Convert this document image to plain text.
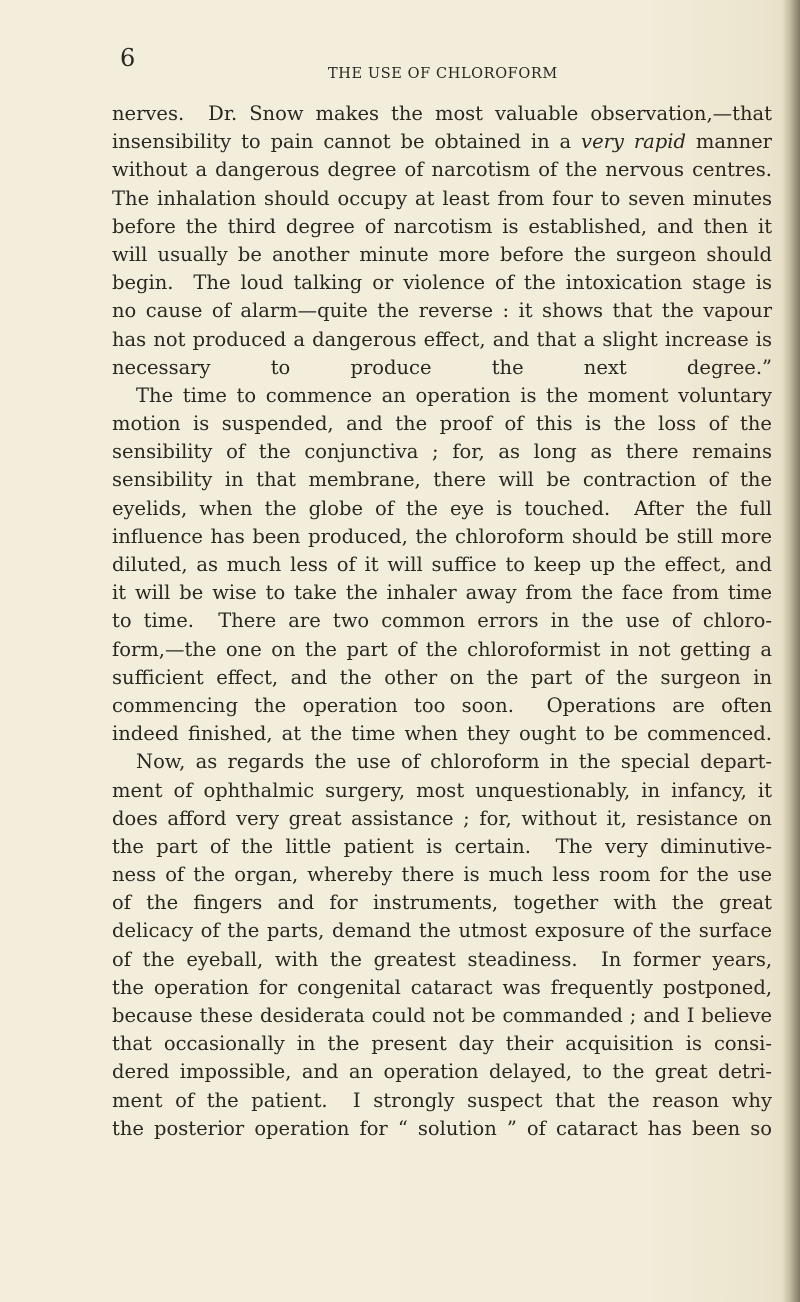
6
THE USE OF CHLOROFORM
nerves.  Dr. Snow makes the most valuable observation,—that
insensibility to pain cannot be obtained in a very rapid manner
without a dangerous degree of narcotism of the nervous centres.
The inhalation should occupy at least from four to seven minutes
before the third degree of narcotism is established, and then it
will usually be another minute more before the surgeon should
begin.  The loud talking or violence of the intoxication stage is
no cause of alarm—quite the reverse : it shows that the vapour
has not produced a dangerous effect, and that a slight increase is
necessary to produce the next degree.”
The time to commence an operation is the moment voluntary
motion is suspended, and the proof of this is the loss of the
sensibility of the conjunctiva ; for, as long as there remains
sensibility in that membrane, there will be contraction of the
eyelids, when the globe of the eye is touched.  After the full
influence has been produced, the chloroform should be still more
diluted, as much less of it will suffice to keep up the effect, and
it will be wise to take the inhaler away from the face from time
to time.  There are two common errors in the use of chloro-
form,—the one on the part of the chloroformist in not getting a
sufficient effect, and the other on the part of the surgeon in
commencing the operation too soon.  Operations are often
indeed finished, at the time when they ought to be commenced.
Now, as regards the use of chloroform in the special depart-
ment of ophthalmic surgery, most unquestionably, in infancy, it
does afford very great assistance ; for, without it, resistance on
the part of the little patient is certain.  The very diminutive-
ness of the organ, whereby there is much less room for the use
of the fingers and for instruments, together with the great
delicacy of the parts, demand the utmost exposure of the surface
of the eyeball, with the greatest steadiness.  In former years,
the operation for congenital cataract was frequently postponed,
because these desiderata could not be commanded ; and I believe
that occasionally in the present day their acquisition is consi-
dered impossible, and an operation delayed, to the great detri-
ment of the patient.  I strongly suspect that the reason why
the posterior operation for “ solution ” of cataract has been so
